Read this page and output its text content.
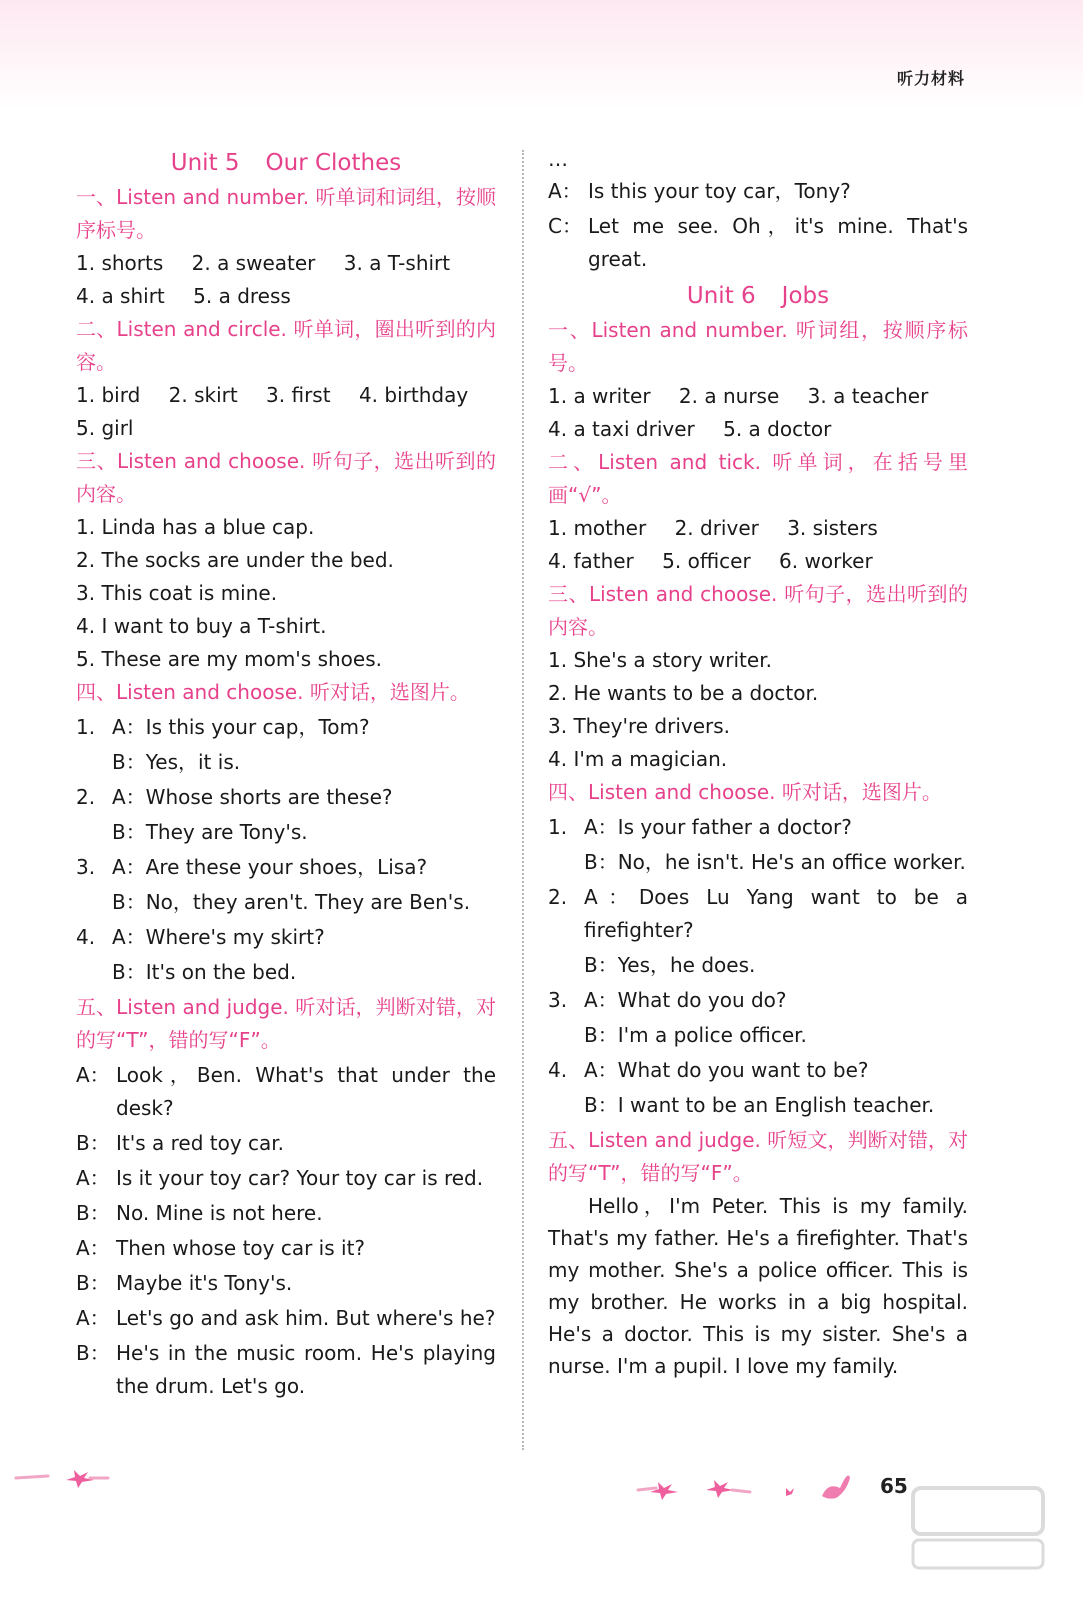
听力材料
Unit 5 Our Clothes

一、Listen and number. 听单词和词组，按顺序标号。

1. shorts 2. a sweater 3. a T-shirt
4. a shirt 5. a dress

二、Listen and circle. 听单词，圈出听到的内容。

1. bird 2. skirt 3. first 4. birthday
5. girl

三、Listen and choose. 听句子，选出听到的内容。

1. Linda has a blue cap.
2. The socks are under the bed.
3. This coat is mine.
4. I want to buy a T-shirt.
5. These are my mom's shoes.

四、Listen and choose. 听对话，选图片。

1. A：Is this your cap，Tom?
B：Yes，it is.
2. A：Whose shorts are these?
B：They are Tony's.
3. A：Are these your shoes，Lisa?
B：No，they aren't. They are Ben's.
4. A：Where's my skirt?
B：It's on the bed.

五、Listen and judge. 听对话，判断对错，对的写“T”，错的写“F”。

A： Look，Ben. What's that under the desk?
B： It's a red toy car.
A： Is it your toy car? Your toy car is red.
B： No. Mine is not here.
A： Then whose toy car is it?
B： Maybe it's Tony's.
A： Let's go and ask him. But where's he?
B： He's in the music room. He's playing the drum. Let's go.
…
A： Is this your toy car，Tony?
C： Let me see. Oh，it's mine. That's great.
Unit 6 Jobs

一、Listen and number. 听词组，按顺序标号。

1. a writer 2. a nurse 3. a teacher
4. a taxi driver 5. a doctor

二、Listen and tick. 听单词，在括号里画“√”。

1. mother 2. driver 3. sisters
4. father 5. officer 6. worker

三、Listen and choose. 听句子，选出听到的内容。

1. She's a story writer.
2. He wants to be a doctor.
3. They're drivers.
4. I'm a magician.

四、Listen and choose. 听对话，选图片。

1. A：Is your father a doctor?
B：No，he isn't. He's an office worker.
2. A：Does Lu Yang want to be a firefighter?
B：Yes，he does.
3. A：What do you do?
B：I'm a police officer.
4. A：What do you want to be?
B：I want to be an English teacher.

五、Listen and judge. 听短文，判断对错，对的写“T”，错的写“F”。

Hello，I'm Peter. This is my family. That's my father. He's a firefighter. That's my mother. She's a police officer. This is my brother. He works in a big hospital. He's a doctor. This is my sister. She's a nurse. I'm a pupil. I love my family.

65
